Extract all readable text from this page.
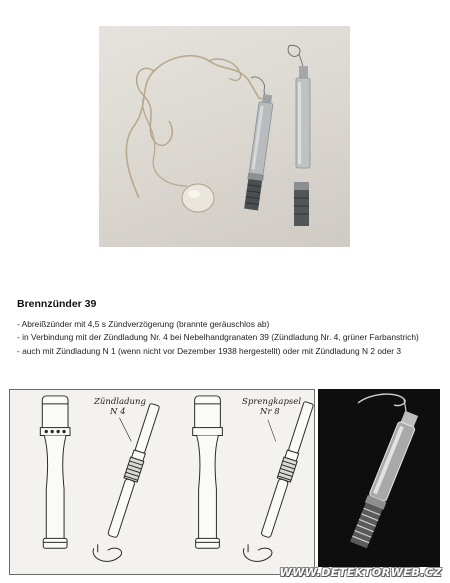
Brennzünder 39
- Abreißzünder mit 4,5 s Zündverzögerung (brannte geräuschlos ab)
- in Verbindung mit der Zündladung Nr. 4 bei Nebelhandgranaten 39 (Zündladung Nr. 4, grüner Farbanstrich)
- auch mit Zündladung N 1 (wenn nicht vor Dezember 1938 hergestellt) oder mit Zündladung N 2 oder 3
Zündladung
N 4
Sprengkapsel
Nr 8
WWW.DETEKTORWEB.CZ
